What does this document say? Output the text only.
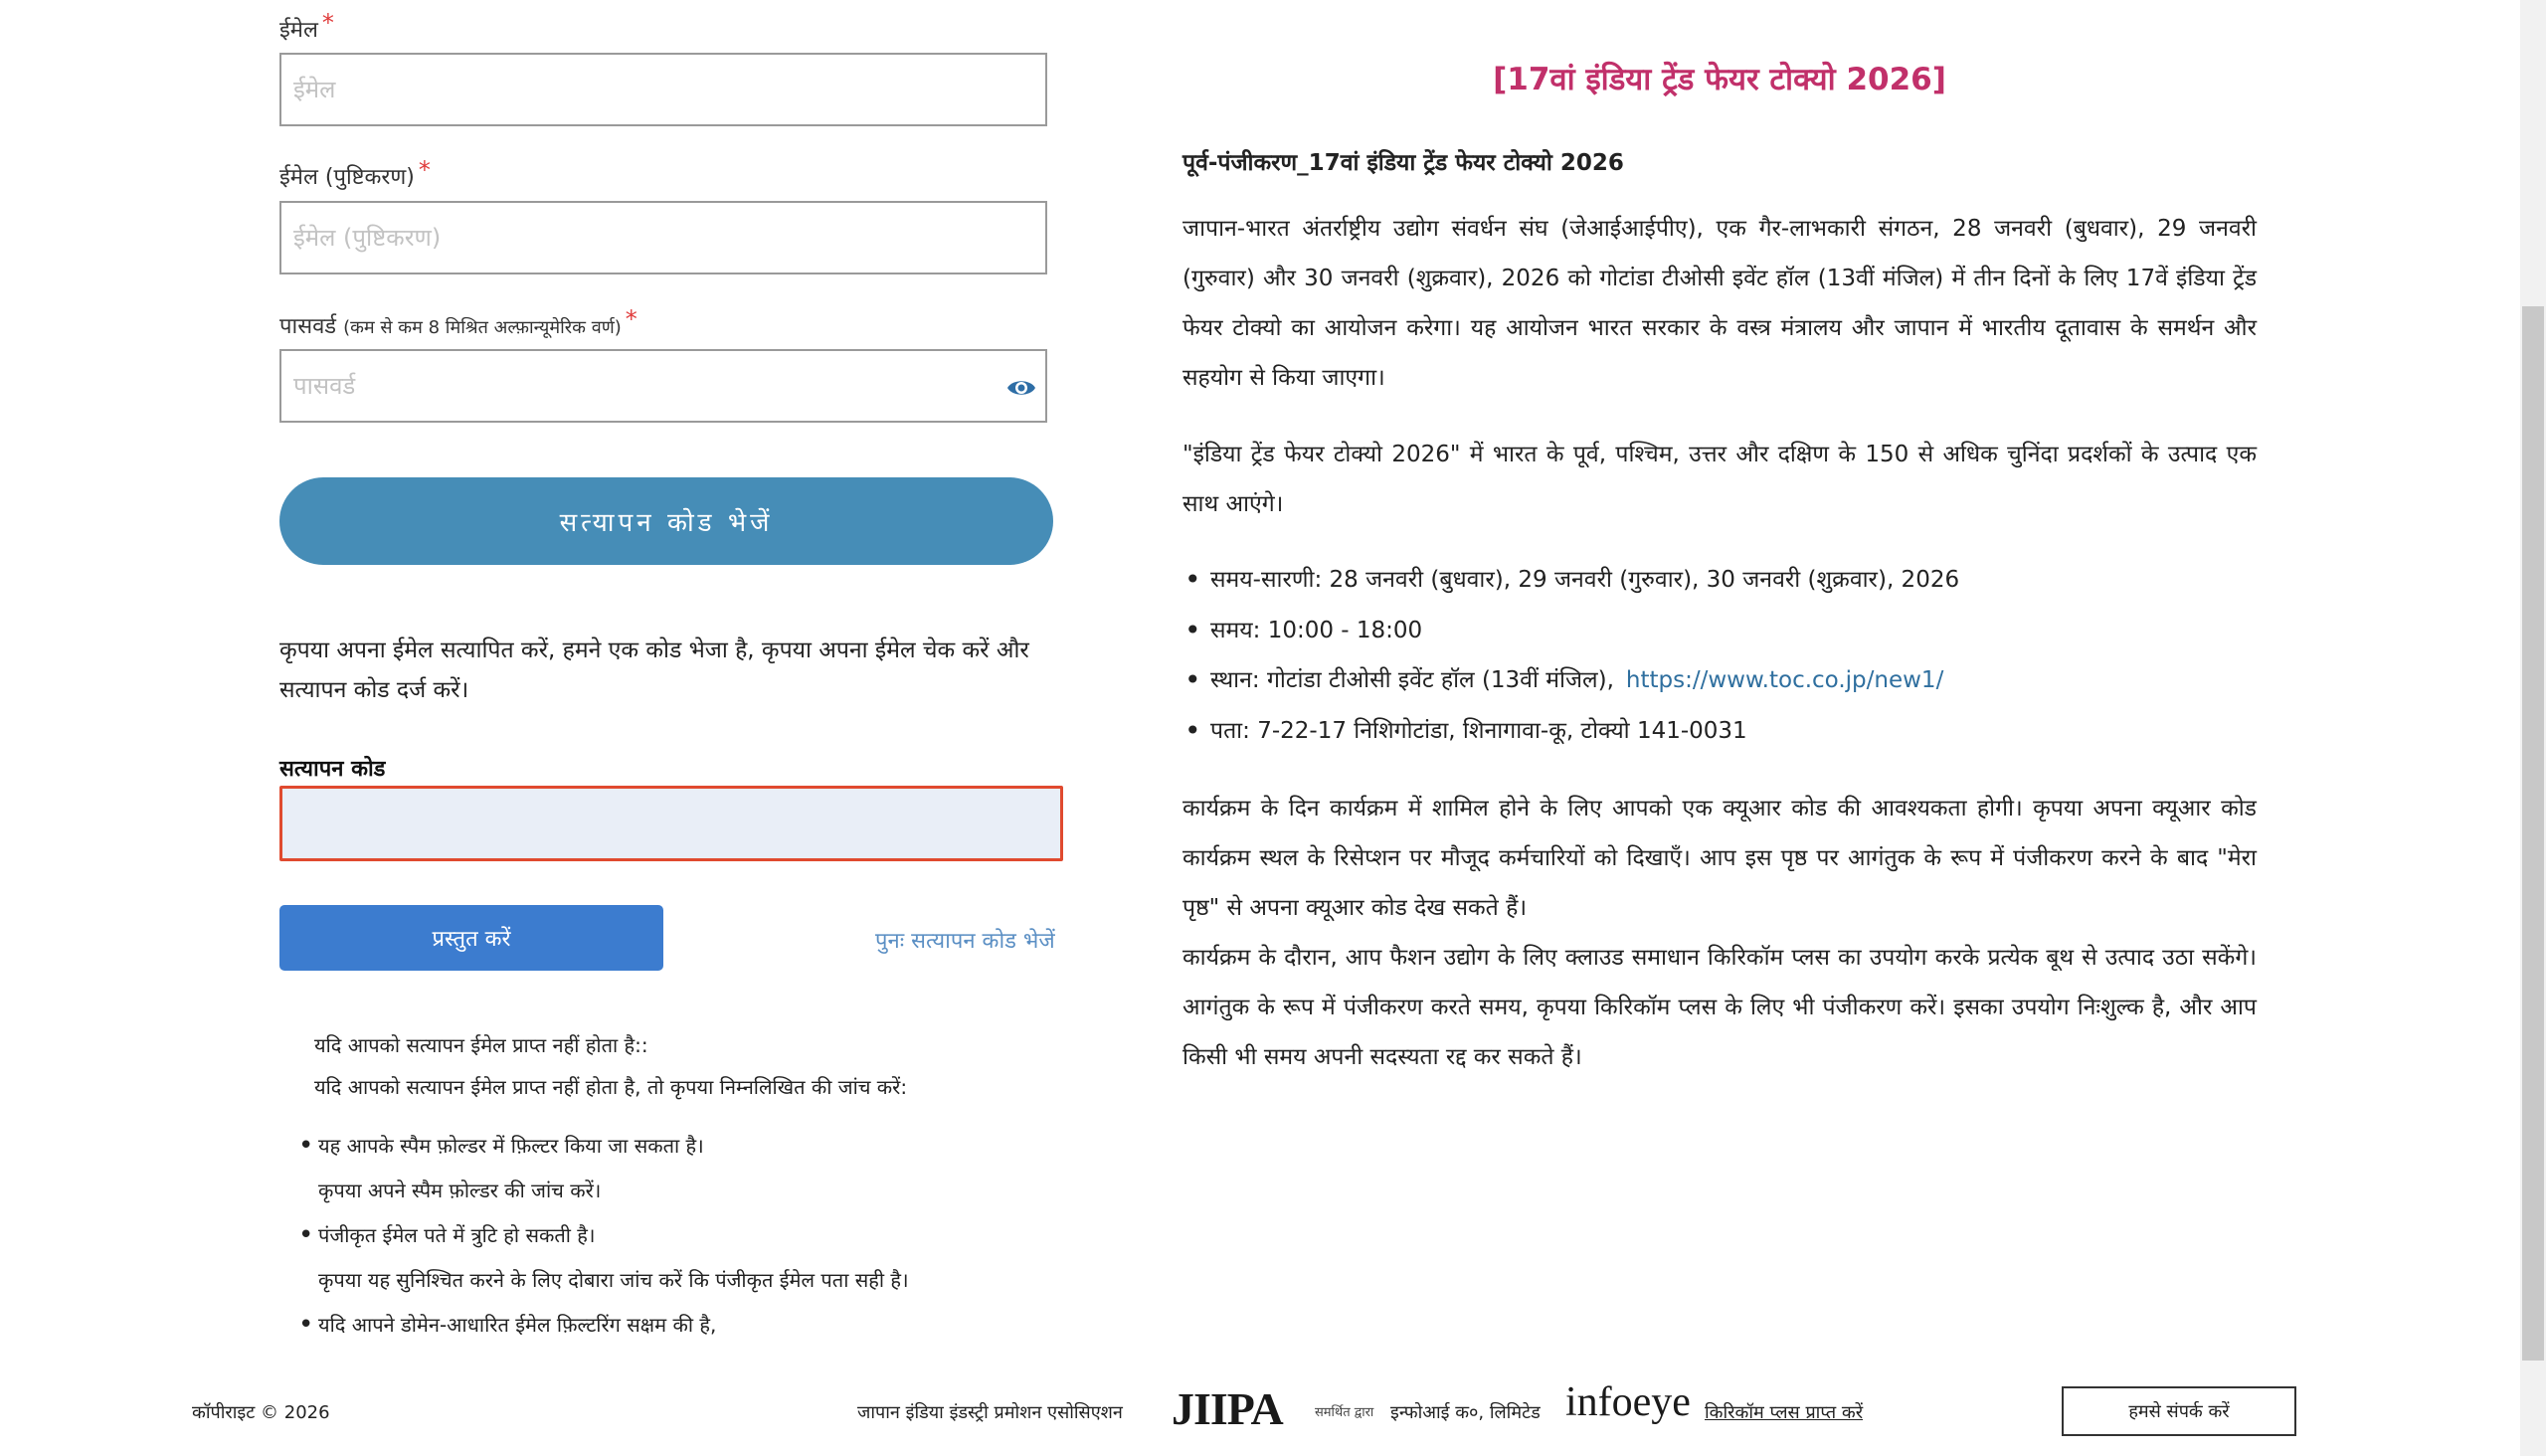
ईमेल *
ईमेल
ईमेल (पुष्टिकरण) *
ईमेल (पुष्टिकरण)
पासवर्ड (कम से कम 8 मिश्रित अल्फ़ान्यूमेरिक वर्ण) *
सत्यापन कोड भेजें
कृपया अपना ईमेल सत्यापित करें, हमने एक कोड भेजा है, कृपया अपना ईमेल चेक करें और सत्यापन कोड दर्ज करें।
सत्यापन कोड
प्रस्तुत करें	पुनः सत्यापन कोड भेजें
यदि आपको सत्यापन ईमेल प्राप्त नहीं होता है::
यदि आपको सत्यापन ईमेल प्राप्त नहीं होता है, तो कृपया निम्नलिखित की जांच करें:
• यह आपके स्पैम फ़ोल्डर में फ़िल्टर किया जा सकता है।
कृपया अपने स्पैम फ़ोल्डर की जांच करें।
• पंजीकृत ईमेल पते में त्रुटि हो सकती है।
कृपया यह सुनिश्चित करने के लिए दोबारा जांच करें कि पंजीकृत ईमेल पता सही है।
• यदि आपने डोमेन-आधारित ईमेल फ़िल्टरिंग सक्षम की है,
[17वां इंडिया ट्रेंड फेयर टोक्यो 2026]
पूर्व-पंजीकरण_17वां इंडिया ट्रेंड फेयर टोक्यो 2026

जापान-भारत अंतर्राष्ट्रीय उद्योग संवर्धन संघ (जेआईआईपीए), एक गैर-लाभकारी संगठन, 28 जनवरी (बुधवार), 29 जनवरी (गुरुवार) और 30 जनवरी (शुक्रवार), 2026 को गोटांडा टीओसी इवेंट हॉल (13वीं मंजिल) में तीन दिनों के लिए 17वें इंडिया ट्रेंड फेयर टोक्यो का आयोजन करेगा। यह आयोजन भारत सरकार के वस्त्र मंत्रालय और जापान में भारतीय दूतावास के समर्थन और सहयोग से किया जाएगा।

"इंडिया ट्रेंड फेयर टोक्यो 2026" में भारत के पूर्व, पश्चिम, उत्तर और दक्षिण के 150 से अधिक चुनिंदा प्रदर्शकों के उत्पाद एक साथ आएंगे।

• समय-सारणी: 28 जनवरी (बुधवार), 29 जनवरी (गुरुवार), 30 जनवरी (शुक्रवार), 2026
• समय: 10:00 - 18:00
• स्थान: गोटांडा टीओसी इवेंट हॉल (13वीं मंजिल), https://www.toc.co.jp/new1/
• पता: 7-22-17 निशिगोटांडा, शिनागावा-कू, टोक्यो 141-0031

कार्यक्रम के दिन कार्यक्रम में शामिल होने के लिए आपको एक क्यूआर कोड की आवश्यकता होगी। कृपया अपना क्यूआर कोड कार्यक्रम स्थल के रिसेप्शन पर मौजूद कर्मचारियों को दिखाएँ। आप इस पृष्ठ पर आगंतुक के रूप में पंजीकरण करने के बाद "मेरा पृष्ठ" से अपना क्यूआर कोड देख सकते हैं।

कार्यक्रम के दौरान, आप फैशन उद्योग के लिए क्लाउड समाधान किरिकॉम प्लस का उपयोग करके प्रत्येक बूथ से उत्पाद उठा सकेंगे। आगंतुक के रूप में पंजीकरण करते समय, कृपया किरिकॉम प्लस के लिए भी पंजीकरण करें। इसका उपयोग निःशुल्क है, और आप किसी भी समय अपनी सदस्यता रद्द कर सकते हैं।

कॉपीराइट © 2026	जापान इंडिया इंडस्ट्री प्रमोशन एसोसिएशन JIIPA समर्थित द्वारा इन्फोआई क०, लिमिटेड infoeye किरिकॉम प्लस प्राप्त करें	हमसे संपर्क करें
